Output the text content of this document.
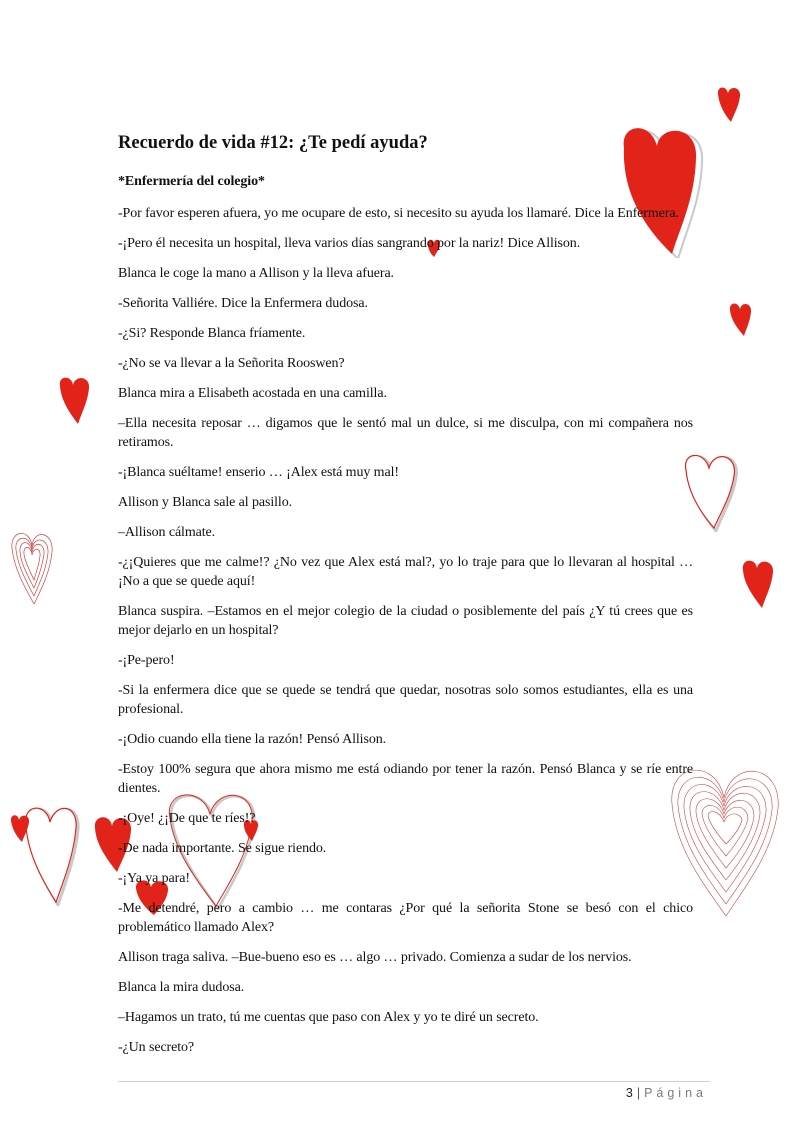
Recuerdo de vida #12: ¿Te pedí ayuda?

*Enfermería del colegio*

-Por favor esperen afuera, yo me ocupare de esto, si necesito su ayuda los llamaré. Dice la Enfermera.

-¡Pero él necesita un hospital, lleva varios días sangrando por la nariz! Dice Allison.

Blanca le coge la mano a Allison y la lleva afuera.

-Señorita Valliére. Dice la Enfermera dudosa.

-¿Si? Responde Blanca fríamente.

-¿No se va llevar a la Señorita Rooswen?

Blanca mira a Elisabeth acostada en una camilla.

–Ella necesita reposar … digamos que le sentó mal un dulce, si me disculpa, con mi compañera nos retiramos.

-¡Blanca suéltame! enserio … ¡Alex está muy mal!

Allison y Blanca sale al pasillo.

–Allison cálmate.

-¿¡Quieres que me calme!? ¿No vez que Alex está mal?, yo lo traje para que lo llevaran al hospital … ¡No a que se quede aquí!

Blanca suspira. –Estamos en el mejor colegio de la ciudad o posiblemente del país ¿Y tú crees que es mejor dejarlo en un hospital?

-¡Pe-pero!

-Si la enfermera dice que se quede se tendrá que quedar, nosotras solo somos estudiantes, ella es una profesional.

-¡Odio cuando ella tiene la razón! Pensó Allison.

-Estoy 100% segura que ahora mismo me está odiando por tener la razón. Pensó Blanca y se ríe entre dientes.

-¡Oye! ¿¡De que te ríes!?

-De nada importante. Se sigue riendo.

-¡Ya ya para!

-Me detendré, pero a cambio … me contaras ¿Por qué la señorita Stone se besó con el chico problemático llamado Alex?

Allison traga saliva. –Bue-bueno eso es … algo … privado. Comienza a sudar de los nervios.

Blanca la mira dudosa.

–Hagamos un trato, tú me cuentas que paso con Alex y yo te diré un secreto.

-¿Un secreto?

3 | Página
